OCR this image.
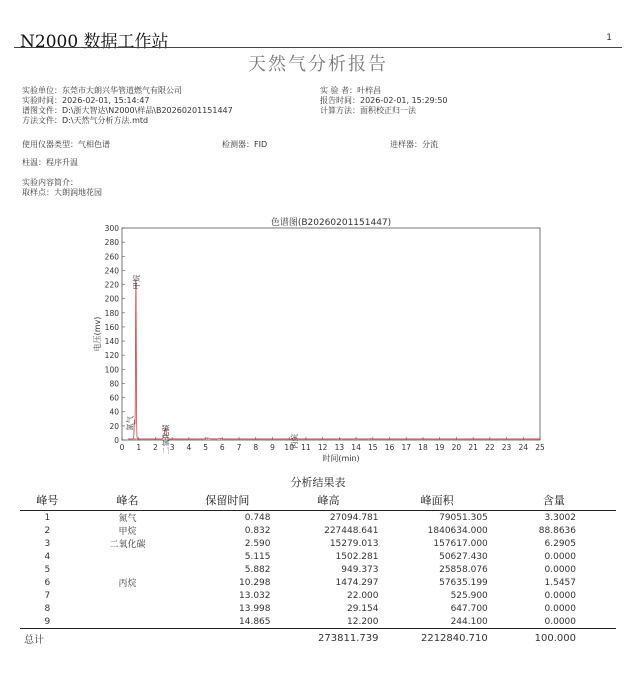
N2000 数据工作站	1
天然气分析报告
实验单位：东莞市大朗兴华管道燃气有限公司
实验时间：2026-02-01, 15:14:47
谱图文件：D:\浙大智达\N2000\样品\B20260201151447
方法文件：D:\天然气分析方法.mtd
实 验 者：叶梓昌
报告时间：2026-02-01, 15:29:50
计算方法：面积校正归一法
使用仪器类型：气相色谱	检测器：FID	进样器：分流
柱温：程序升温
实验内容简介：
取样点：大朗润地花园
色谱图(B20260201151447)
0
20
40
60
80
100
120
140
160
180
200
220
240
260
280
300
0 1 2 3 4 5 6 7 8 9 10 11 12 13 14 15 16 17 18 19 20 21 22 23 24 25
时间(min)
电压(mv)
氮气
甲烷
二氧化碳	丙烷
分析结果表
峰号	峰名	保留时间	峰高	峰面积	含量
1	氮气	0.748	27094.781	79051.305	3.3002
2	甲烷	0.832	227448.641	1840634.000	88.8636
3	二氧化碳	2.590	15279.013	157617.000	6.2905
4		5.115	1502.281	50627.430	0.0000
5		5.882	949.373	25858.076	0.0000
6	丙烷	10.298	1474.297	57635.199	1.5457
7		13.032	22.000	525.900	0.0000
8		13.998	29.154	647.700	0.0000
9		14.865	12.200	244.100	0.0000
总计			273811.739	2212840.710	100.000
